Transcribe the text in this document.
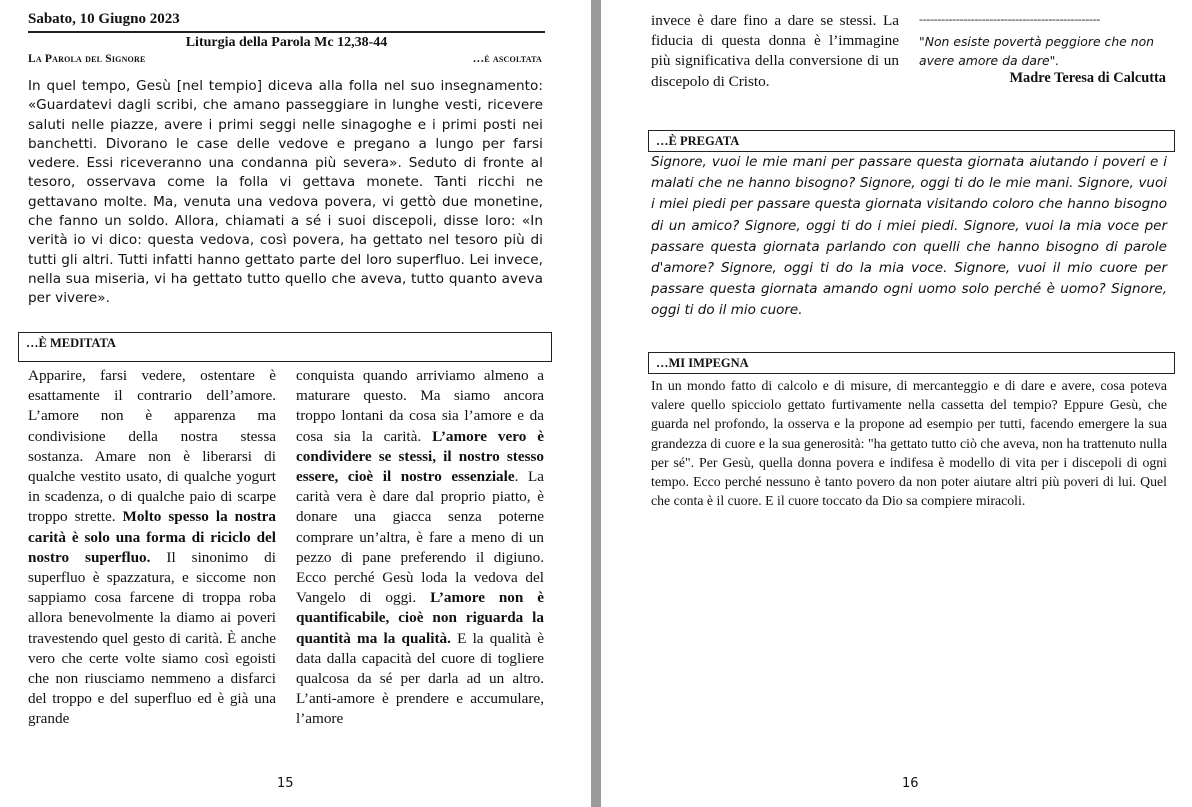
Sabato, 10 Giugno 2023
Liturgia della Parola Mc 12,38-44
La Parola del Signore	…è ascoltata
In quel tempo, Gesù [nel tempio] diceva alla folla nel suo insegnamento: «Guardatevi dagli scribi, che amano passeggiare in lunghe vesti, ricevere saluti nelle piazze, avere i primi seggi nelle sinagoghe e i primi posti nei banchetti. Divorano le case delle vedove e pregano a lungo per farsi vedere. Essi riceveranno una condanna più severa». Seduto di fronte al tesoro, osservava come la folla vi gettava monete. Tanti ricchi ne gettavano molte. Ma, venuta una vedova povera, vi gettò due monetine, che fanno un soldo. Allora, chiamati a sé i suoi discepoli, disse loro: «In verità io vi dico: questa vedova, così povera, ha gettato nel tesoro più di tutti gli altri. Tutti infatti hanno gettato parte del loro superfluo. Lei invece, nella sua miseria, vi ha gettato tutto quello che aveva, tutto quanto aveva per vivere».
…È MEDITATA
Apparire, farsi vedere, ostentare è esattamente il contrario dell’amore. L’amore non è apparenza ma condivisione della nostra stessa sostanza. Amare non è liberarsi di qualche vestito usato, di qualche yogurt in scadenza, o di qualche paio di scarpe troppo strette. Molto spesso la nostra carità è solo una forma di riciclo del nostro superfluo. Il sinonimo di superfluo è spazzatura, e siccome non sappiamo cosa farcene di troppa roba allora benevolmente la diamo ai poveri travestendo quel gesto di carità. È anche vero che certe volte siamo così egoisti che non riusciamo nemmeno a disfarci del troppo e del superfluo ed è già una grande
conquista quando arriviamo almeno a maturare questo. Ma siamo ancora troppo lontani da cosa sia l’amore e da cosa sia la carità. L’amore vero è condividere se stessi, il nostro stesso essere, cioè il nostro essenziale. La carità vera è dare dal proprio piatto, è donare una giacca senza poterne comprare un’altra, è fare a meno di un pezzo di pane preferendo il digiuno. Ecco perché Gesù loda la vedova del Vangelo di oggi. L’amore non è quantificabile, cioè non riguarda la quantità ma la qualità. E la qualità è data dalla capacità del cuore di togliere qualcosa da sé per darla ad un altro. L’anti-amore è prendere e accumulare, l’amore
15
invece è dare fino a dare se stessi. La fiducia di questa donna è l’immagine più significativa della conversione di un discepolo di Cristo.
-------------------------------------------------
"Non esiste povertà peggiore che non avere amore da dare".
Madre Teresa di Calcutta
…È PREGATA
Signore, vuoi le mie mani per passare questa giornata aiutando i poveri e i malati che ne hanno bisogno? Signore, oggi ti do le mie mani. Signore, vuoi i miei piedi per passare questa giornata visitando coloro che hanno bisogno di un amico? Signore, oggi ti do i miei piedi. Signore, vuoi la mia voce per passare questa giornata parlando con quelli che hanno bisogno di parole d'amore? Signore, oggi ti do la mia voce. Signore, vuoi il mio cuore per passare questa giornata amando ogni uomo solo perché è uomo? Signore, oggi ti do il mio cuore.
…MI IMPEGNA
In un mondo fatto di calcolo e di misure, di mercanteggio e di dare e avere, cosa poteva valere quello spicciolo gettato furtivamente nella cassetta del tempio? Eppure Gesù, che guarda nel profondo, la osserva e la propone ad esempio per tutti, facendo emergere la sua grandezza di cuore e la sua generosità: "ha gettato tutto ciò che aveva, non ha trattenuto nulla per sé". Per Gesù, quella donna povera e indifesa è modello di vita per i discepoli di ogni tempo. Ecco perché nessuno è tanto povero da non poter aiutare altri più poveri di lui. Quel che conta è il cuore. E il cuore toccato da Dio sa compiere miracoli.
16
